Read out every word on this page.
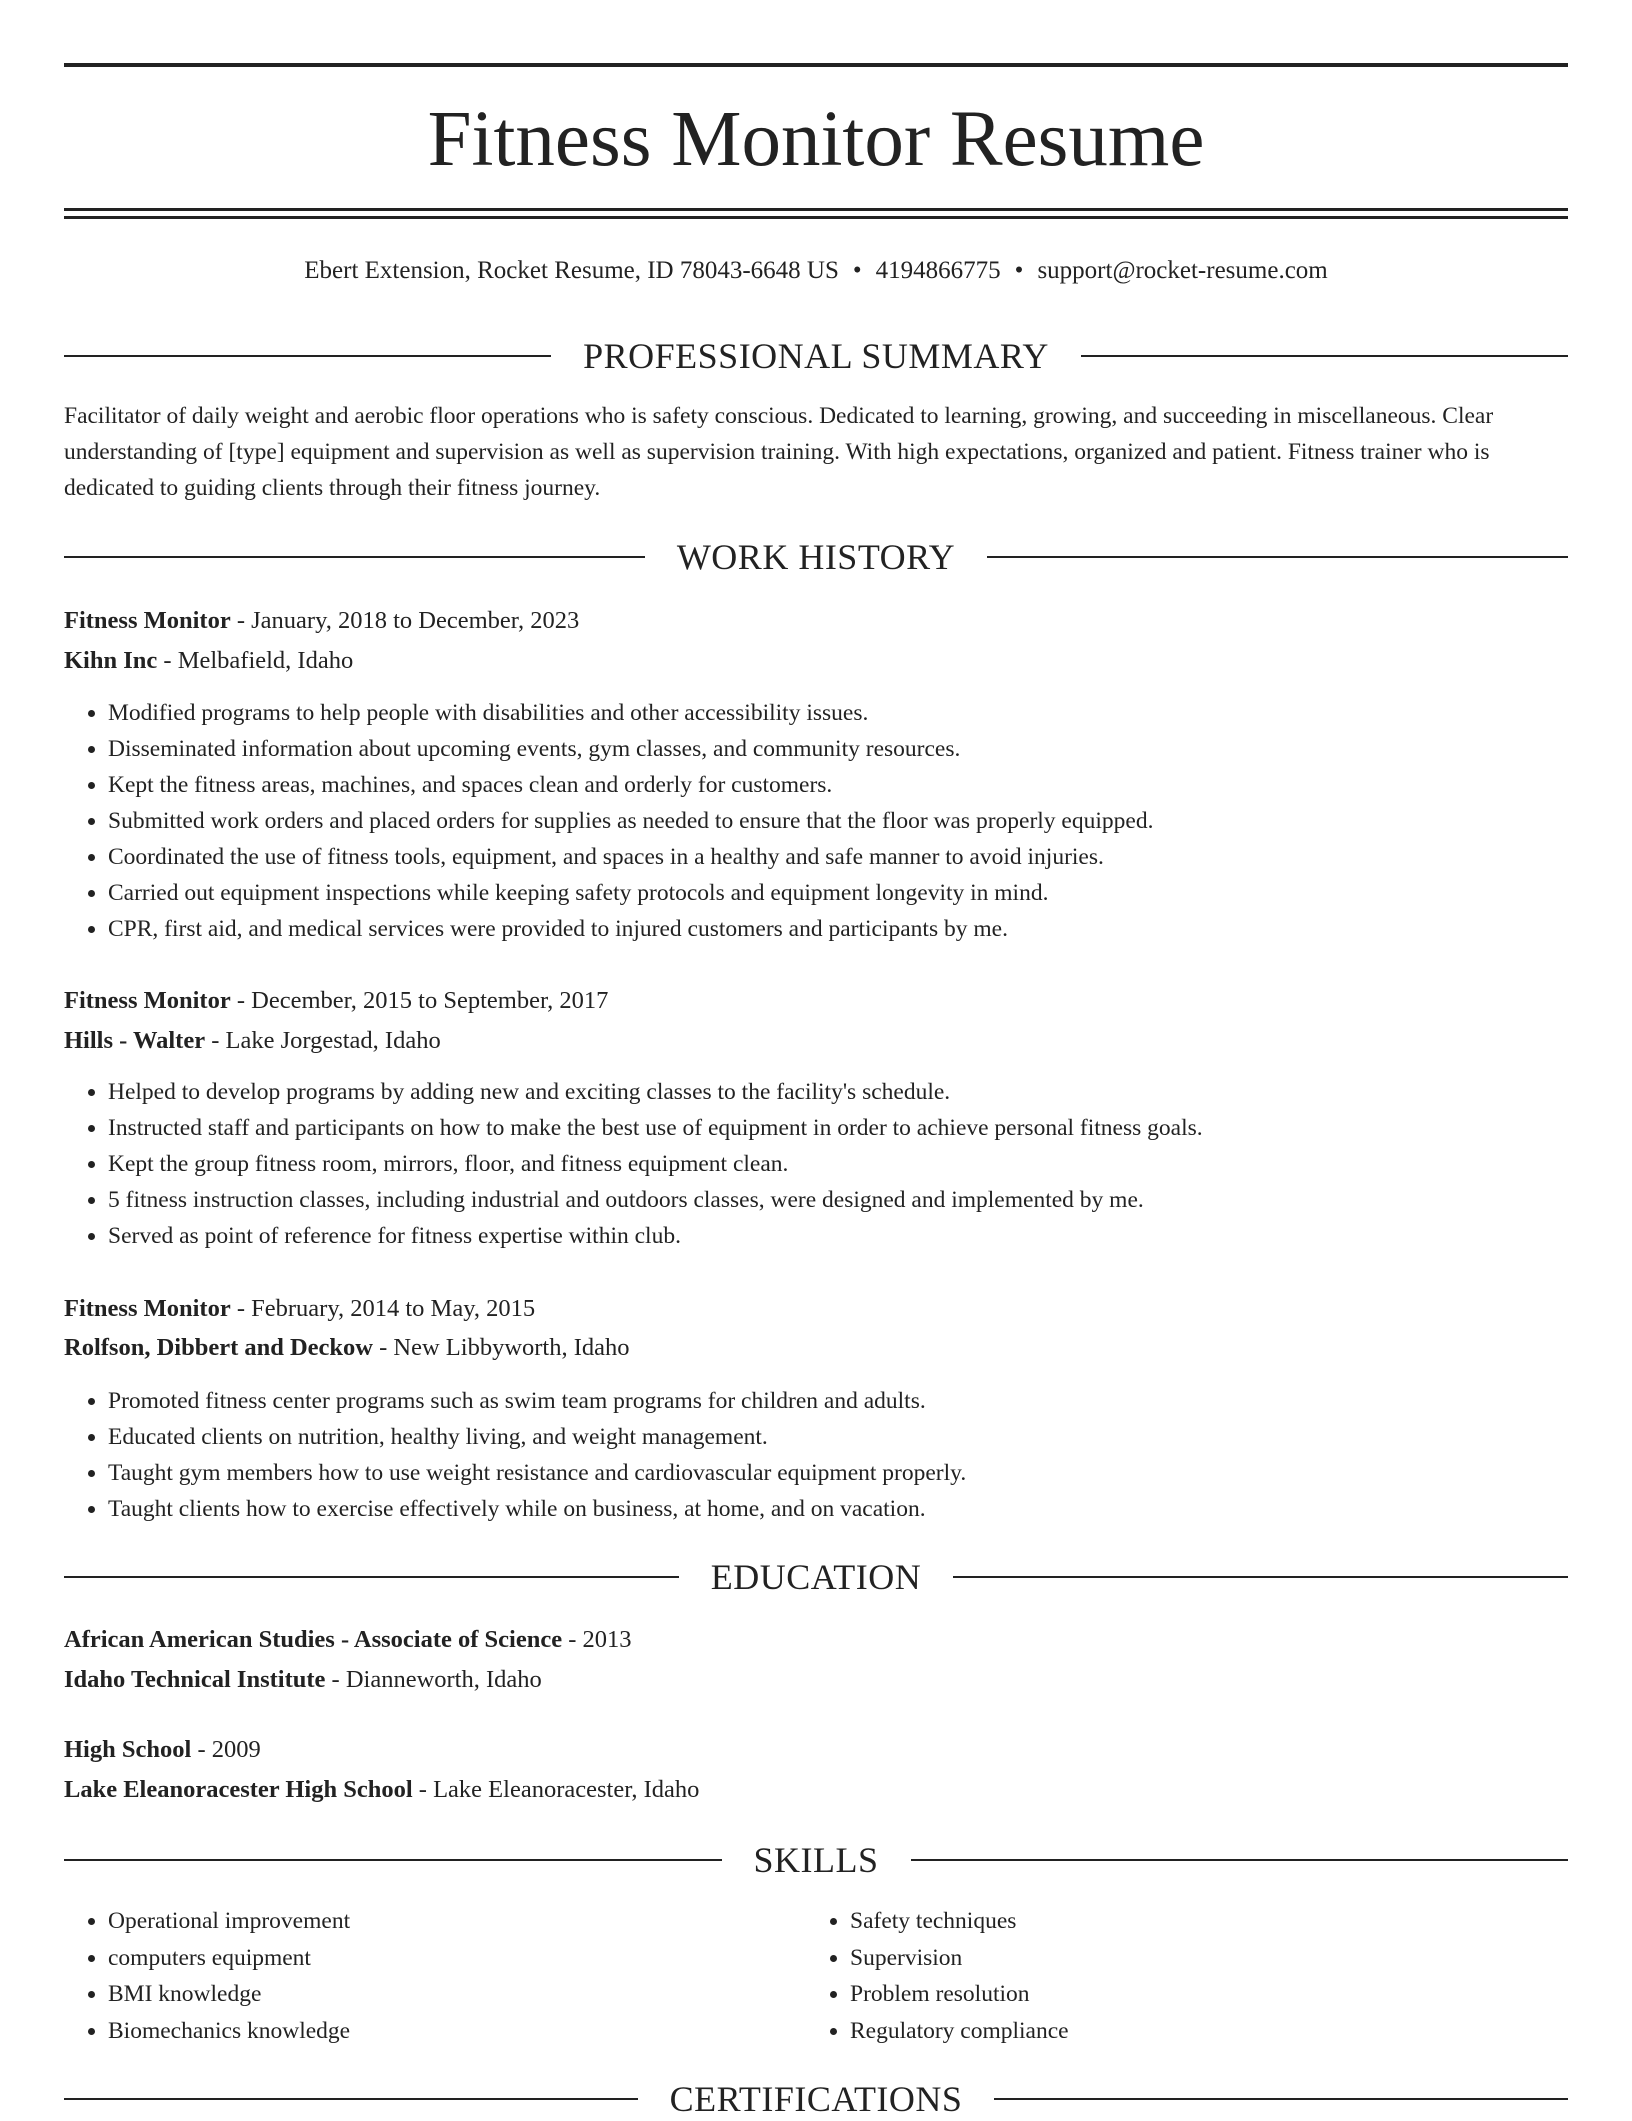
Fitness Monitor Resume
Ebert Extension, Rocket Resume, ID 78043-6648 US • 4194866775 • support@rocket-resume.com
PROFESSIONAL SUMMARY

Facilitator of daily weight and aerobic floor operations who is safety conscious. Dedicated to learning, growing, and succeeding in miscellaneous. Clear understanding of [type] equipment and supervision as well as supervision training. With high expectations, organized and patient. Fitness trainer who is dedicated to guiding clients through their fitness journey.

WORK HISTORY
Fitness Monitor - January, 2018 to December, 2023
Kihn Inc - Melbafield, Idaho
• Modified programs to help people with disabilities and other accessibility issues.
• Disseminated information about upcoming events, gym classes, and community resources.
• Kept the fitness areas, machines, and spaces clean and orderly for customers.
• Submitted work orders and placed orders for supplies as needed to ensure that the floor was properly equipped.
• Coordinated the use of fitness tools, equipment, and spaces in a healthy and safe manner to avoid injuries.
• Carried out equipment inspections while keeping safety protocols and equipment longevity in mind.
• CPR, first aid, and medical services were provided to injured customers and participants by me.
Fitness Monitor - December, 2015 to September, 2017
Hills - Walter - Lake Jorgestad, Idaho
• Helped to develop programs by adding new and exciting classes to the facility's schedule.
• Instructed staff and participants on how to make the best use of equipment in order to achieve personal fitness goals.
• Kept the group fitness room, mirrors, floor, and fitness equipment clean.
• 5 fitness instruction classes, including industrial and outdoors classes, were designed and implemented by me.
• Served as point of reference for fitness expertise within club.
Fitness Monitor - February, 2014 to May, 2015
Rolfson, Dibbert and Deckow - New Libbyworth, Idaho
• Promoted fitness center programs such as swim team programs for children and adults.
• Educated clients on nutrition, healthy living, and weight management.
• Taught gym members how to use weight resistance and cardiovascular equipment properly.
• Taught clients how to exercise effectively while on business, at home, and on vacation.
EDUCATION
African American Studies - Associate of Science - 2013
Idaho Technical Institute - Dianneworth, Idaho
High School - 2009
Lake Eleanoracester High School - Lake Eleanoracester, Idaho
SKILLS
• Operational improvement
• computers equipment
• BMI knowledge
• Biomechanics knowledge
• Safety techniques
• Supervision
• Problem resolution
• Regulatory compliance
CERTIFICATIONS
